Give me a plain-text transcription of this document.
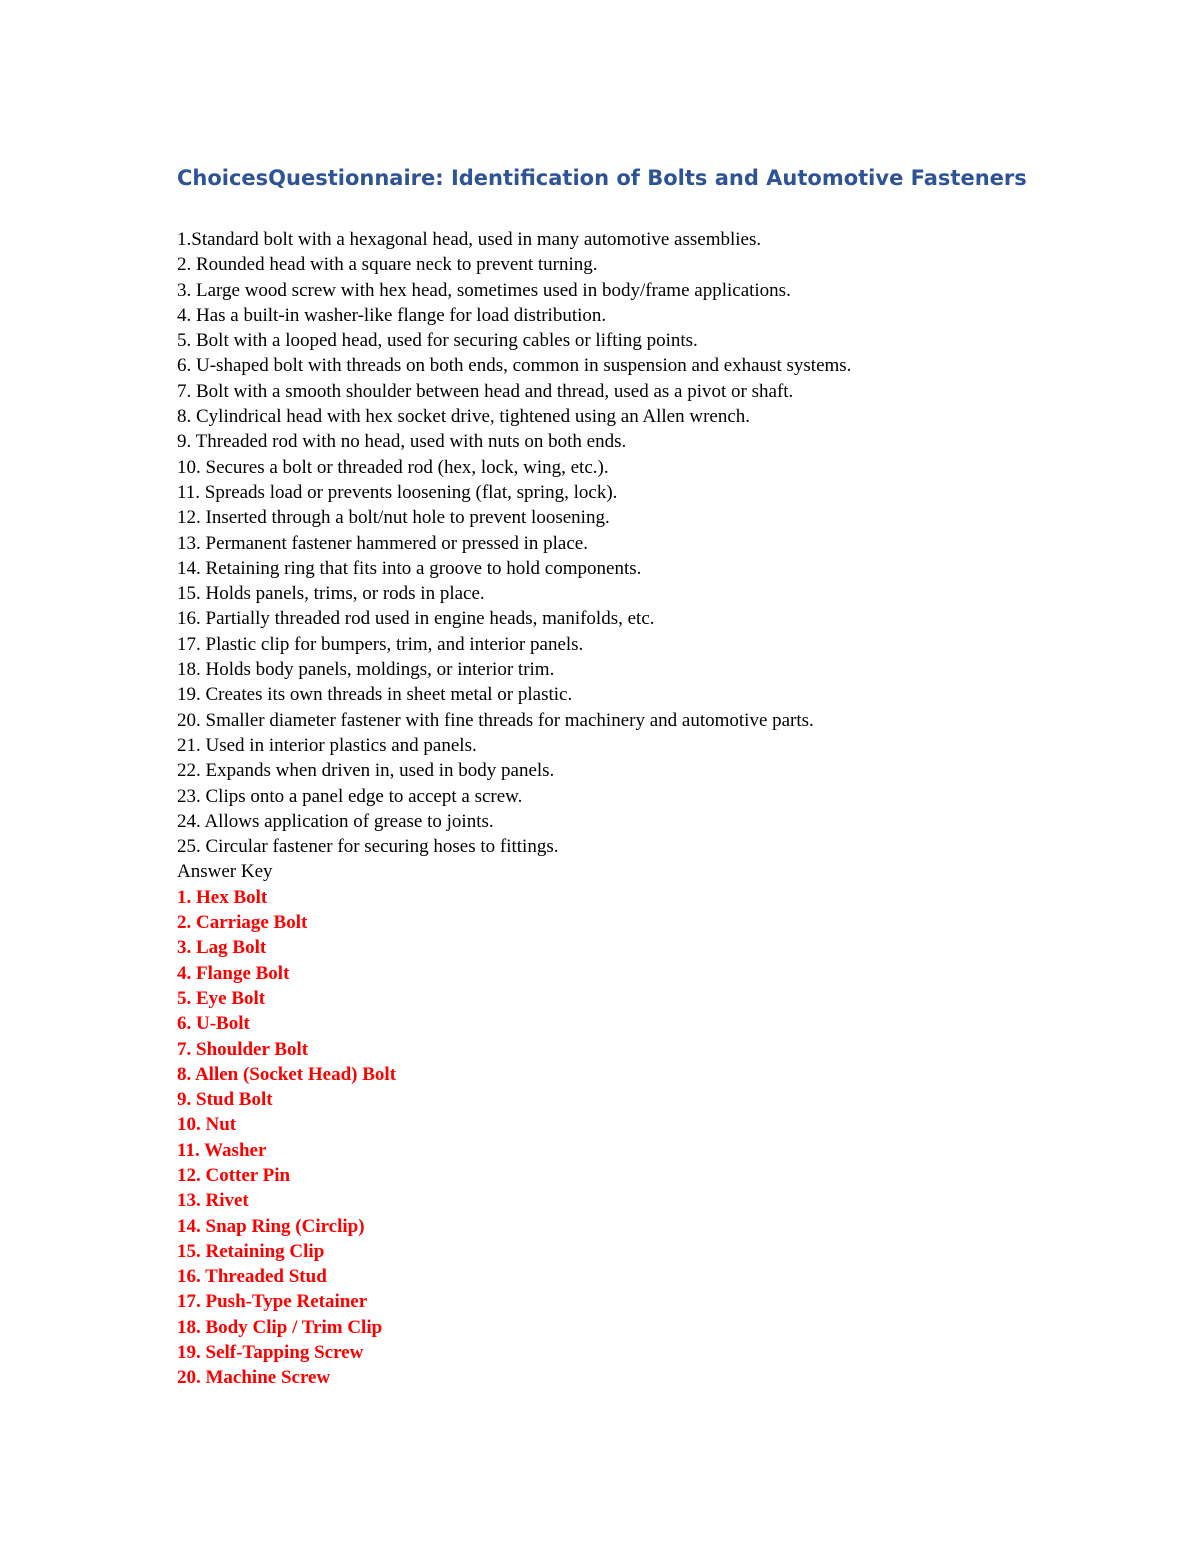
ChoicesQuestionnaire: Identification of Bolts and Automotive Fasteners

1.Standard bolt with a hexagonal head, used in many automotive assemblies.

2. Rounded head with a square neck to prevent turning.

3. Large wood screw with hex head, sometimes used in body/frame applications.

4. Has a built-in washer-like flange for load distribution.

5. Bolt with a looped head, used for securing cables or lifting points.

6. U-shaped bolt with threads on both ends, common in suspension and exhaust systems.

7. Bolt with a smooth shoulder between head and thread, used as a pivot or shaft.

8. Cylindrical head with hex socket drive, tightened using an Allen wrench.

9. Threaded rod with no head, used with nuts on both ends.

10. Secures a bolt or threaded rod (hex, lock, wing, etc.).

11. Spreads load or prevents loosening (flat, spring, lock).

12. Inserted through a bolt/nut hole to prevent loosening.

13. Permanent fastener hammered or pressed in place.

14. Retaining ring that fits into a groove to hold components.

15. Holds panels, trims, or rods in place.

16. Partially threaded rod used in engine heads, manifolds, etc.

17. Plastic clip for bumpers, trim, and interior panels.

18. Holds body panels, moldings, or interior trim.

19. Creates its own threads in sheet metal or plastic.

20. Smaller diameter fastener with fine threads for machinery and automotive parts.

21. Used in interior plastics and panels.

22. Expands when driven in, used in body panels.

23. Clips onto a panel edge to accept a screw.

24. Allows application of grease to joints.

25. Circular fastener for securing hoses to fittings.

Answer Key

1. Hex Bolt

2. Carriage Bolt

3. Lag Bolt

4. Flange Bolt

5. Eye Bolt

6. U-Bolt

7. Shoulder Bolt

8. Allen (Socket Head) Bolt

9. Stud Bolt

10. Nut

11. Washer

12. Cotter Pin

13. Rivet

14. Snap Ring (Circlip)

15. Retaining Clip

16. Threaded Stud

17. Push-Type Retainer

18. Body Clip / Trim Clip

19. Self-Tapping Screw

20. Machine Screw
